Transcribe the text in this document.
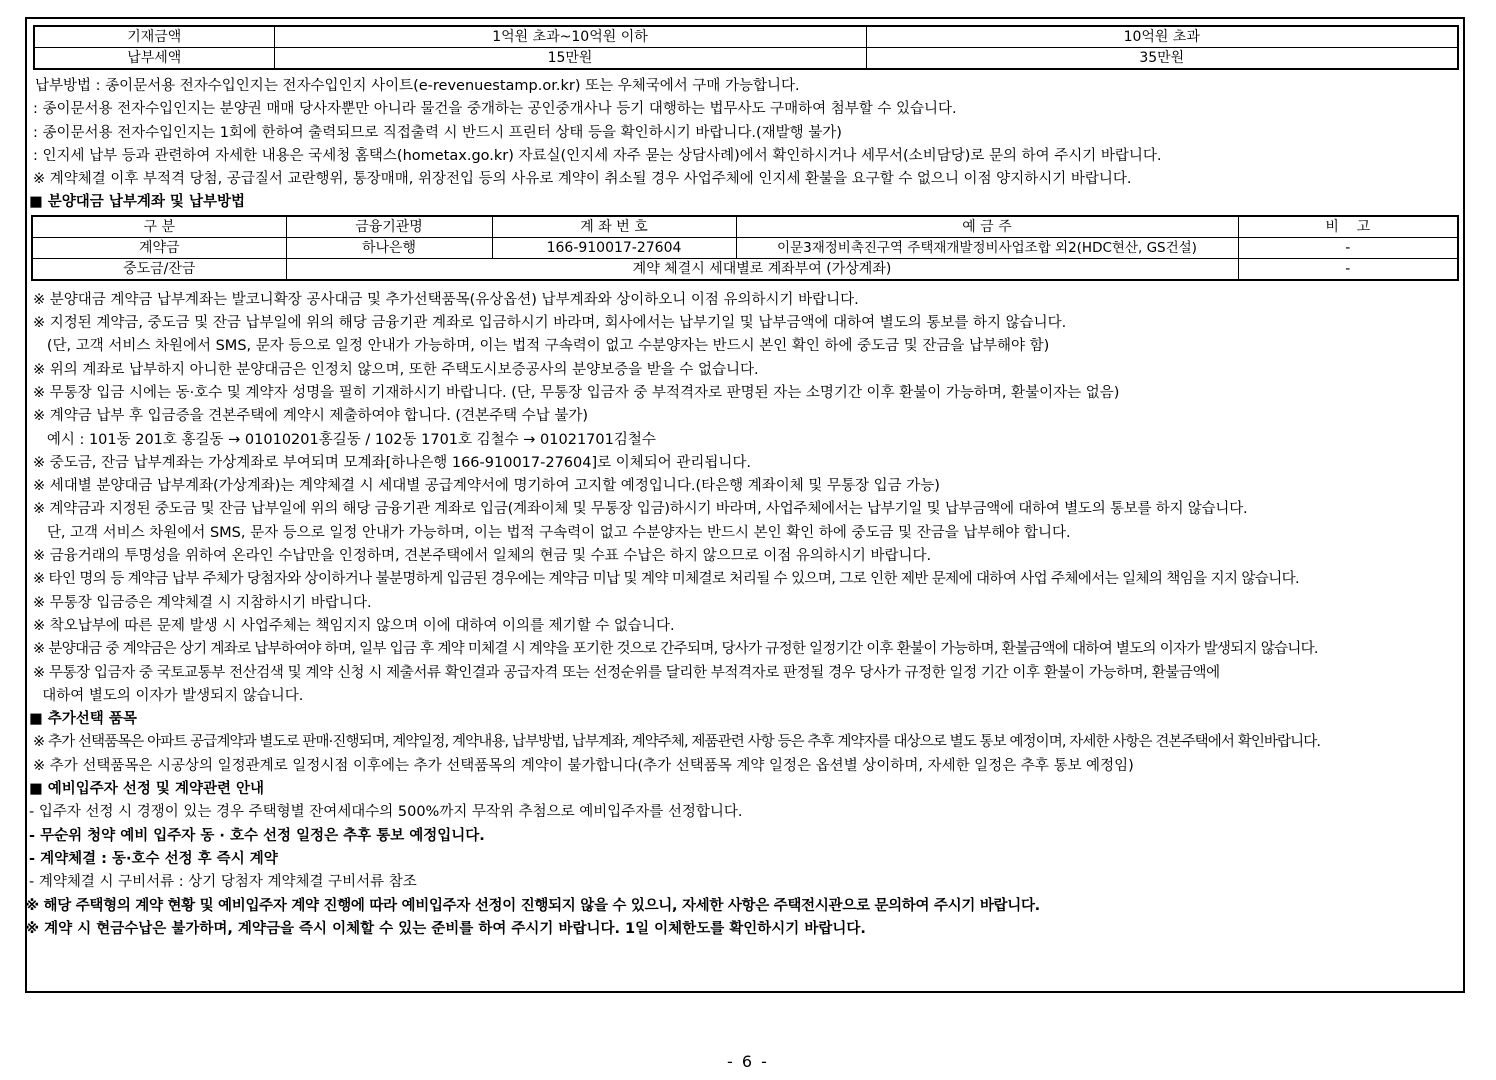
기재금액	1억원 초과~10억원 이하	10억원 초과
납부세액	15만원	35만원
납부방법 : 종이문서용 전자수입인지는 전자수입인지 사이트(e-revenuestamp.or.kr) 또는 우체국에서 구매 가능합니다.
: 종이문서용 전자수입인지는 분양권 매매 당사자뿐만 아니라 물건을 중개하는 공인중개사나 등기 대행하는 법무사도 구매하여 첨부할 수 있습니다.
: 종이문서용 전자수입인지는 1회에 한하여 출력되므로 직접출력 시 반드시 프린터 상태 등을 확인하시기 바랍니다.(재발행 불가)
: 인지세 납부 등과 관련하여 자세한 내용은 국세청 홈택스(hometax.go.kr) 자료실(인지세 자주 묻는 상담사례)에서 확인하시거나 세무서(소비담당)로 문의 하여 주시기 바랍니다.
※ 계약체결 이후 부적격 당첨, 공급질서 교란행위, 통장매매, 위장전입 등의 사유로 계약이 취소될 경우 사업주체에 인지세 환불을 요구할 수 없으니 이점 양지하시기 바랍니다.
■ 분양대금 납부계좌 및 납부방법
구 분	금융기관명	계 좌 번 호	예 금 주	비    고
계약금	하나은행	166-910017-27604	이문3재정비촉진구역 주택재개발정비사업조합 외2(HDC현산, GS건설)	-
중도금/잔금	계약 체결시 세대별로 계좌부여 (가상계좌)			-
※ 분양대금 계약금 납부계좌는 발코니확장 공사대금 및 추가선택품목(유상옵션) 납부계좌와 상이하오니 이점 유의하시기 바랍니다.
※ 지정된 계약금, 중도금 및 잔금 납부일에 위의 해당 금융기관 계좌로 입금하시기 바라며, 회사에서는 납부기일 및 납부금액에 대하여 별도의 통보를 하지 않습니다.
(단, 고객 서비스 차원에서 SMS, 문자 등으로 일정 안내가 가능하며, 이는 법적 구속력이 없고 수분양자는 반드시 본인 확인 하에 중도금 및 잔금을 납부해야 함)
※ 위의 계좌로 납부하지 아니한 분양대금은 인정치 않으며, 또한 주택도시보증공사의 분양보증을 받을 수 없습니다.
※ 무통장 입금 시에는 동·호수 및 계약자 성명을 필히 기재하시기 바랍니다. (단, 무통장 입금자 중 부적격자로 판명된 자는 소명기간 이후 환불이 가능하며, 환불이자는 없음)
※ 계약금 납부 후 입금증을 견본주택에 계약시 제출하여야 합니다. (견본주택 수납 불가)
예시 : 101동 201호 홍길동 → 01010201홍길동 / 102동 1701호 김철수 → 01021701김철수
※ 중도금, 잔금 납부계좌는 가상계좌로 부여되며 모계좌[하나은행 166-910017-27604]로 이체되어 관리됩니다.
※ 세대별 분양대금 납부계좌(가상계좌)는 계약체결 시 세대별 공급계약서에 명기하여 고지할 예정입니다.(타은행 계좌이체 및 무통장 입금 가능)
※ 계약금과 지정된 중도금 및 잔금 납부일에 위의 해당 금융기관 계좌로 입금(계좌이체 및 무통장 입금)하시기 바라며, 사업주체에서는 납부기일 및 납부금액에 대하여 별도의 통보를 하지 않습니다.
단, 고객 서비스 차원에서 SMS, 문자 등으로 일정 안내가 가능하며, 이는 법적 구속력이 없고 수분양자는 반드시 본인 확인 하에 중도금 및 잔금을 납부해야 합니다.
※ 금융거래의 투명성을 위하여 온라인 수납만을 인정하며, 견본주택에서 일체의 현금 및 수표 수납은 하지 않으므로 이점 유의하시기 바랍니다.
※ 타인 명의 등 계약금 납부 주체가 당첨자와 상이하거나 불분명하게 입금된 경우에는 계약금 미납 및 계약 미체결로 처리될 수 있으며, 그로 인한 제반 문제에 대하여 사업 주체에서는 일체의 책임을 지지 않습니다.
※ 무통장 입금증은 계약체결 시 지참하시기 바랍니다.
※ 착오납부에 따른 문제 발생 시 사업주체는 책임지지 않으며 이에 대하여 이의를 제기할 수 없습니다.
※ 분양대금 중 계약금은 상기 계좌로 납부하여야 하며, 일부 입금 후 계약 미체결 시 계약을 포기한 것으로 간주되며, 당사가 규정한 일정기간 이후 환불이 가능하며, 환불금액에 대하여 별도의 이자가 발생되지 않습니다.
※ 무통장 입금자 중 국토교통부 전산검색 및 계약 신청 시 제출서류 확인결과 공급자격 또는 선정순위를 달리한 부적격자로 판정될 경우 당사가 규정한 일정 기간 이후 환불이 가능하며, 환불금액에
대하여 별도의 이자가 발생되지 않습니다.
■ 추가선택 품목
※ 추가 선택품목은 아파트 공급계약과 별도로 판매·진행되며, 계약일정, 계약내용, 납부방법, 납부계좌, 계약주체, 제품관련 사항 등은 추후 계약자를 대상으로 별도 통보 예정이며, 자세한 사항은 견본주택에서 확인바랍니다.
※ 추가 선택품목은 시공상의 일정관계로 일정시점 이후에는 추가 선택품목의 계약이 불가합니다(추가 선택품목 계약 일정은 옵션별 상이하며, 자세한 일정은 추후 통보 예정임)
■ 예비입주자 선정 및 계약관련 안내
- 입주자 선정 시 경쟁이 있는 경우 주택형별 잔여세대수의 500%까지 무작위 추첨으로 예비입주자를 선정합니다.
- 무순위 청약 예비 입주자 동 · 호수 선정 일정은 추후 통보 예정입니다.
- 계약체결 : 동·호수 선정 후 즉시 계약
- 계약체결 시 구비서류 : 상기 당첨자 계약체결 구비서류 참조
※ 해당 주택형의 계약 현황 및 예비입주자 계약 진행에 따라 예비입주자 선정이 진행되지 않을 수 있으니, 자세한 사항은 주택전시관으로 문의하여 주시기 바랍니다.
※ 계약 시 현금수납은 불가하며, 계약금을 즉시 이체할 수 있는 준비를 하여 주시기 바랍니다. 1일 이체한도를 확인하시기 바랍니다.
- 6 -
